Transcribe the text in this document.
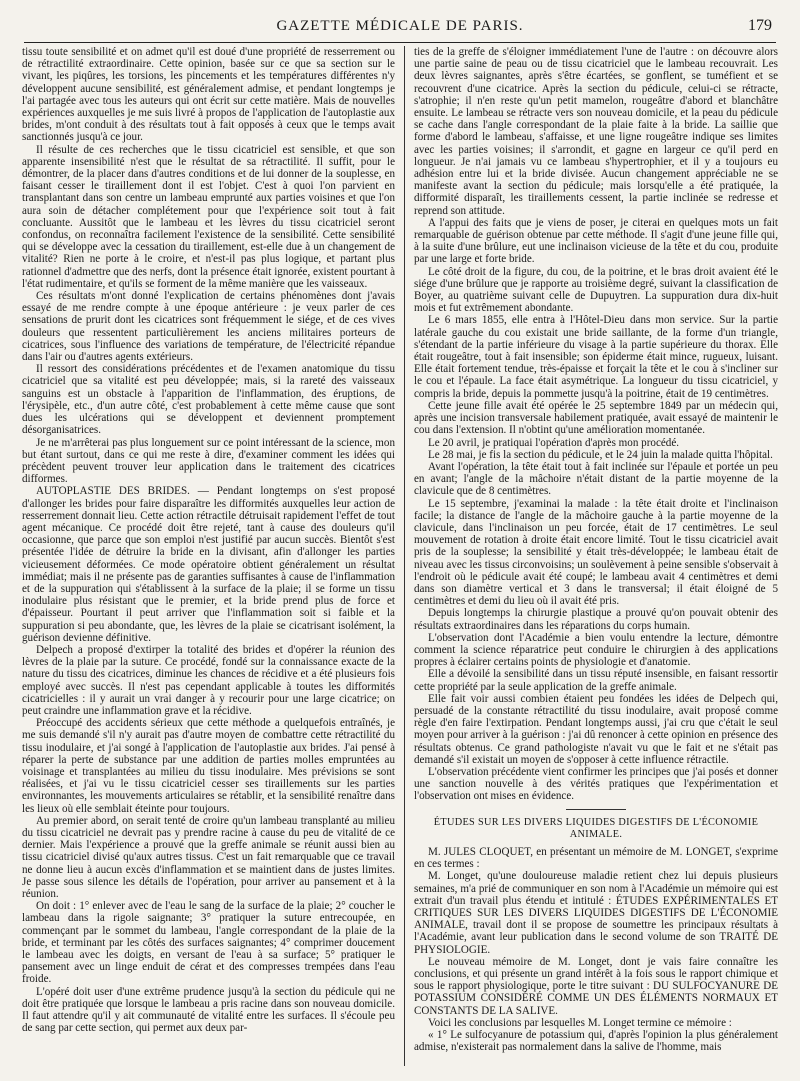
GAZETTE MÉDICALE DE PARIS.	179

tissu toute sensibilité et on admet qu'il est doué d'une propriété de resserrement ou de rétractilité extraordinaire. Cette opinion, basée sur ce que sa section sur le vivant, les piqûres, les torsions, les pincements et les températures différentes n'y développent aucune sensibilité, est généralement admise, et pendant longtemps je l'ai partagée avec tous les auteurs qui ont écrit sur cette matière. Mais de nouvelles expériences auxquelles je me suis livré à propos de l'application de l'autoplastie aux brides, m'ont conduit à des résultats tout à fait opposés à ceux que le temps avait sanctionnés jusqu'à ce jour.

Il résulte de ces recherches que le tissu cicatriciel est sensible, et que son apparente insensibilité n'est que le résultat de sa rétractilité. Il suffit, pour le démontrer, de la placer dans d'autres conditions et de lui donner de la souplesse, en faisant cesser le tiraillement dont il est l'objet. C'est à quoi l'on parvient en transplantant dans son centre un lambeau emprunté aux parties voisines et que l'on aura soin de détacher complétement pour que l'expérience soit tout à fait concluante. Aussitôt que le lambeau et les lèvres du tissu cicatriciel seront confondus, on reconnaîtra facilement l'existence de la sensibilité. Cette sensibilité qui se développe avec la cessation du tiraillement, est-elle due à un changement de vitalité? Rien ne porte à le croire, et n'est-il pas plus logique, et partant plus rationnel d'admettre que des nerfs, dont la présence était ignorée, existent pourtant à l'état rudimentaire, et qu'ils se forment de la même manière que les vaisseaux.

Ces résultats m'ont donné l'explication de certains phénomènes dont j'avais essayé de me rendre compte à une époque antérieure : je veux parler de ces sensations de prurit dont les cicatrices sont fréquemment le siége, et de ces vives douleurs que ressentent particulièrement les anciens militaires porteurs de cicatrices, sous l'influence des variations de température, de l'électricité répandue dans l'air ou d'autres agents extérieurs.

Il ressort des considérations précédentes et de l'examen anatomique du tissu cicatriciel que sa vitalité est peu développée; mais, si la rareté des vaisseaux sanguins est un obstacle à l'apparition de l'inflammation, des éruptions, de l'érysipèle, etc., d'un autre côté, c'est probablement à cette même cause que sont dues les ulcérations qui se développent et deviennent promptement désorganisatrices.

Je ne m'arrêterai pas plus longuement sur ce point intéressant de la science, mon but étant surtout, dans ce qui me reste à dire, d'examiner comment les idées qui précèdent peuvent trouver leur application dans le traitement des cicatrices difformes.

AUTOPLASTIE DES BRIDES. — Pendant longtemps on s'est proposé d'allonger les brides pour faire disparaître les difformités auxquelles leur action de resserrement donnait lieu. Cette action rétractile détruisait rapidement l'effet de tout agent mécanique. Ce procédé doit être rejeté, tant à cause des douleurs qu'il occasionne, que parce que son emploi n'est justifié par aucun succès. Bientôt s'est présentée l'idée de détruire la bride en la divisant, afin d'allonger les parties vicieusement déformées. Ce mode opératoire obtient généralement un résultat immédiat; mais il ne présente pas de garanties suffisantes à cause de l'inflammation et de la suppuration qui s'établissent à la surface de la plaie; il se forme un tissu inodulaire plus résistant que le premier, et la bride prend plus de force et d'épaisseur. Pourtant il peut arriver que l'inflammation soit si faible et la suppuration si peu abondante, que, les lèvres de la plaie se cicatrisant isolément, la guérison devienne définitive.

Delpech a proposé d'extirper la totalité des brides et d'opérer la réunion des lèvres de la plaie par la suture. Ce procédé, fondé sur la connaissance exacte de la nature du tissu des cicatrices, diminue les chances de récidive et a été plusieurs fois employé avec succès. Il n'est pas cependant applicable à toutes les difformités cicatricielles : il y aurait un vrai danger à y recourir pour une large cicatrice; on peut craindre une inflammation grave et la récidive.

Préoccupé des accidents sérieux que cette méthode a quelquefois entraînés, je me suis demandé s'il n'y aurait pas d'autre moyen de combattre cette rétractilité du tissu inodulaire, et j'ai songé à l'application de l'autoplastie aux brides. J'ai pensé à réparer la perte de substance par une addition de parties molles empruntées au voisinage et transplantées au milieu du tissu inodulaire. Mes prévisions se sont réalisées, et j'ai vu le tissu cicatriciel cesser ses tiraillements sur les parties environnantes, les mouvements articulaires se rétablir, et la sensibilité renaître dans les lieux où elle semblait éteinte pour toujours.

Au premier abord, on serait tenté de croire qu'un lambeau transplanté au milieu du tissu cicatriciel ne devrait pas y prendre racine à cause du peu de vitalité de ce dernier. Mais l'expérience a prouvé que la greffe animale se réunit aussi bien au tissu cicatriciel divisé qu'aux autres tissus. C'est un fait remarquable que ce travail ne donne lieu à aucun excès d'inflammation et se maintient dans de justes limites. Je passe sous silence les détails de l'opération, pour arriver au pansement et à la réunion.

On doit : 1° enlever avec de l'eau le sang de la surface de la plaie; 2° coucher le lambeau dans la rigole saignante; 3° pratiquer la suture entrecoupée, en commençant par le sommet du lambeau, l'angle correspondant de la plaie de la bride, et terminant par les côtés des surfaces saignantes; 4° comprimer doucement le lambeau avec les doigts, en versant de l'eau à sa surface; 5° pratiquer le pansement avec un linge enduit de cérat et des compresses trempées dans l'eau froide.

L'opéré doit user d'une extrême prudence jusqu'à la section du pédicule qui ne doit être pratiquée que lorsque le lambeau a pris racine dans son nouveau domicile. Il faut attendre qu'il y ait communauté de vitalité entre les surfaces. Il s'écoule peu de sang par cette section, qui permet aux deux par-

ties de la greffe de s'éloigner immédiatement l'une de l'autre : on découvre alors une partie saine de peau ou de tissu cicatriciel que le lambeau recouvrait. Les deux lèvres saignantes, après s'être écartées, se gonflent, se tuméfient et se recouvrent d'une cicatrice. Après la section du pédicule, celui-ci se rétracte, s'atrophie; il n'en reste qu'un petit mamelon, rougeâtre d'abord et blanchâtre ensuite. Le lambeau se rétracte vers son nouveau domicile, et la peau du pédicule se cache dans l'angle correspondant de la plaie faite à la bride. La saillie que forme d'abord le lambeau, s'affaisse, et une ligne rougeâtre indique ses limites avec les parties voisines; il s'arrondit, et gagne en largeur ce qu'il perd en longueur. Je n'ai jamais vu ce lambeau s'hypertrophier, et il y a toujours eu adhésion entre lui et la bride divisée. Aucun changement appréciable ne se manifeste avant la section du pédicule; mais lorsqu'elle a été pratiquée, la difformité disparaît, les tiraillements cessent, la partie inclinée se redresse et reprend son attitude.

A l'appui des faits que je viens de poser, je citerai en quelques mots un fait remarquable de guérison obtenue par cette méthode. Il s'agit d'une jeune fille qui, à la suite d'une brûlure, eut une inclinaison vicieuse de la tête et du cou, produite par une large et forte bride.

Le côté droit de la figure, du cou, de la poitrine, et le bras droit avaient été le siége d'une brûlure que je rapporte au troisième degré, suivant la classification de Boyer, au quatrième suivant celle de Dupuytren. La suppuration dura dix-huit mois et fut extrêmement abondante.

Le 6 mars 1855, elle entra à l'Hôtel-Dieu dans mon service. Sur la partie latérale gauche du cou existait une bride saillante, de la forme d'un triangle, s'étendant de la partie inférieure du visage à la partie supérieure du thorax. Elle était rougeâtre, tout à fait insensible; son épiderme était mince, rugueux, luisant. Elle était fortement tendue, très-épaisse et forçait la tête et le cou à s'incliner sur le cou et l'épaule. La face était asymétrique. La longueur du tissu cicatriciel, y compris la bride, depuis la pommette jusqu'à la poitrine, était de 19 centimètres.

Cette jeune fille avait été opérée le 25 septembre 1849 par un médecin qui, après une incision transversale habilement pratiquée, avait essayé de maintenir le cou dans l'extension. Il n'obtint qu'une amélioration momentanée.

Le 20 avril, je pratiquai l'opération d'après mon procédé.

Le 28 mai, je fis la section du pédicule, et le 24 juin la malade quitta l'hôpital.

Avant l'opération, la tête était tout à fait inclinée sur l'épaule et portée un peu en avant; l'angle de la mâchoire n'était distant de la partie moyenne de la clavicule que de 8 centimètres.

Le 15 septembre, j'examinai la malade : la tête était droite et l'inclinaison facile; la distance de l'angle de la mâchoire gauche à la partie moyenne de la clavicule, dans l'inclinaison un peu forcée, était de 17 centimètres. Le seul mouvement de rotation à droite était encore limité. Tout le tissu cicatriciel avait pris de la souplesse; la sensibilité y était très-développée; le lambeau était de niveau avec les tissus circonvoisins; un soulèvement à peine sensible s'observait à l'endroit où le pédicule avait été coupé; le lambeau avait 4 centimètres et demi dans son diamètre vertical et 3 dans le transversal; il était éloigné de 5 centimètres et demi du lieu où il avait été pris.

Depuis longtemps la chirurgie plastique a prouvé qu'on pouvait obtenir des résultats extraordinaires dans les réparations du corps humain.

L'observation dont l'Académie a bien voulu entendre la lecture, démontre comment la science réparatrice peut conduire le chirurgien à des applications propres à éclairer certains points de physiologie et d'anatomie.

Elle a dévoilé la sensibilité dans un tissu réputé insensible, en faisant ressortir cette propriété par la seule application de la greffe animale.

Elle fait voir aussi combien étaient peu fondées les idées de Delpech qui, persuadé de la constante rétractilité du tissu inodulaire, avait proposé comme règle d'en faire l'extirpation. Pendant longtemps aussi, j'ai cru que c'était le seul moyen pour arriver à la guérison : j'ai dû renoncer à cette opinion en présence des résultats obtenus. Ce grand pathologiste n'avait vu que le fait et ne s'était pas demandé s'il existait un moyen de s'opposer à cette influence rétractile.

L'observation précédente vient confirmer les principes que j'ai posés et donner une sanction nouvelle à des vérités pratiques que l'expérimentation et l'observation ont mises en évidence.

ÉTUDES SUR LES DIVERS LIQUIDES DIGESTIFS DE L'ÉCONOMIE ANIMALE.

M. JULES CLOQUET, en présentant un mémoire de M. LONGET, s'exprime en ces termes :

M. Longet, qu'une douloureuse maladie retient chez lui depuis plusieurs semaines, m'a prié de communiquer en son nom à l'Académie un mémoire qui est extrait d'un travail plus étendu et intitulé : ÉTUDES EXPÉRIMENTALES ET CRITIQUES SUR LES DIVERS LIQUIDES DIGESTIFS DE L'ÉCONOMIE ANIMALE, travail dont il se propose de soumettre les principaux résultats à l'Académie, avant leur publication dans le second volume de son TRAITÉ DE PHYSIOLOGIE.

Le nouveau mémoire de M. Longet, dont je vais faire connaître les conclusions, et qui présente un grand intérêt à la fois sous le rapport chimique et sous le rapport physiologique, porte le titre suivant : DU SULFOCYANURE DE POTASSIUM CONSIDÉRÉ COMME UN DES ÉLÉMENTS NORMAUX ET CONSTANTS DE LA SALIVE.

Voici les conclusions par lesquelles M. Longet termine ce mémoire :

« 1° Le sulfocyanure de potassium qui, d'après l'opinion la plus généralement admise, n'existerait pas normalement dans la salive de l'homme, mais
